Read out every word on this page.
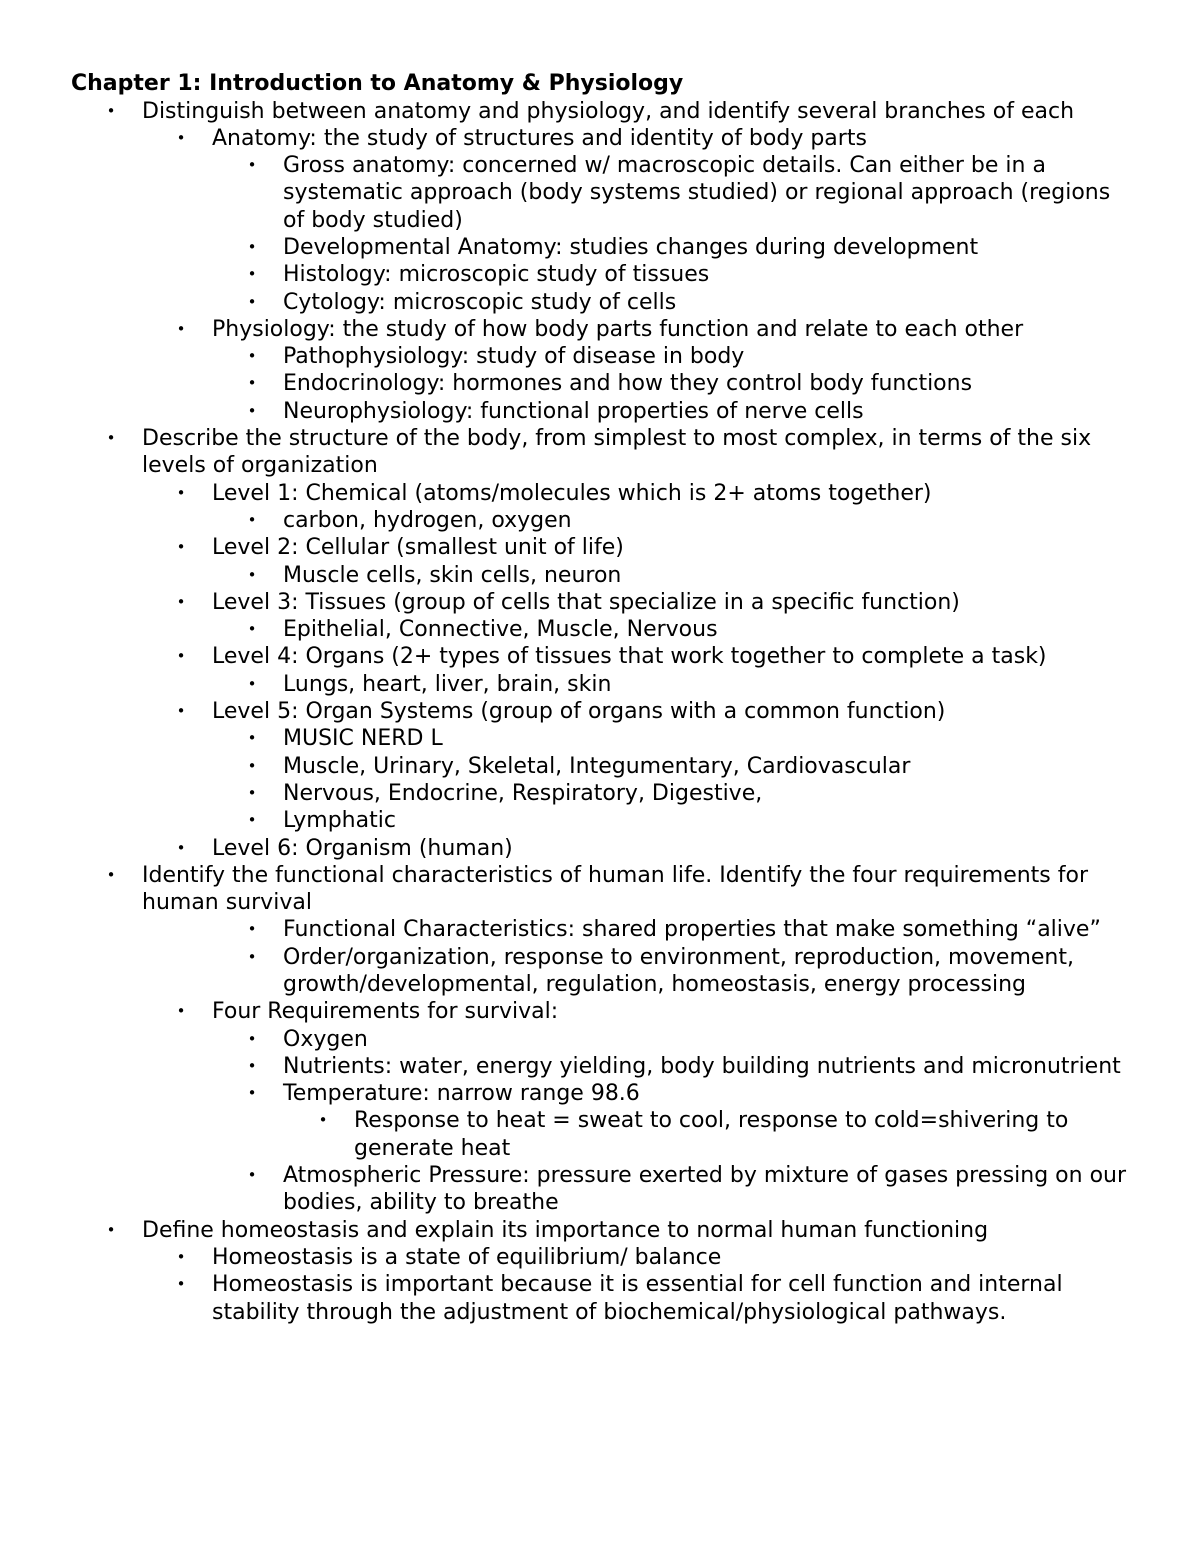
Chapter 1: Introduction to Anatomy & Physiology
• Distinguish between anatomy and physiology, and identify several branches of each
• Anatomy: the study of structures and identity of body parts
• Gross anatomy: concerned w/ macroscopic details. Can either be in a systematic approach (body systems studied) or regional approach (regions of body studied)
• Developmental Anatomy: studies changes during development
• Histology: microscopic study of tissues
• Cytology: microscopic study of cells
• Physiology: the study of how body parts function and relate to each other
• Pathophysiology: study of disease in body
• Endocrinology: hormones and how they control body functions
• Neurophysiology: functional properties of nerve cells
• Describe the structure of the body, from simplest to most complex, in terms of the six levels of organization
• Level 1: Chemical (atoms/molecules which is 2+ atoms together)
• carbon, hydrogen, oxygen
• Level 2: Cellular (smallest unit of life)
• Muscle cells, skin cells, neuron
• Level 3: Tissues (group of cells that specialize in a specific function)
• Epithelial, Connective, Muscle, Nervous
• Level 4: Organs (2+ types of tissues that work together to complete a task)
• Lungs, heart, liver, brain, skin
• Level 5: Organ Systems (group of organs with a common function)
• MUSIC NERD L
• Muscle, Urinary, Skeletal, Integumentary, Cardiovascular
• Nervous, Endocrine, Respiratory, Digestive,
• Lymphatic
• Level 6: Organism (human)
• Identify the functional characteristics of human life. Identify the four requirements for human survival
• Functional Characteristics: shared properties that make something “alive”
• Order/organization, response to environment, reproduction, movement, growth/developmental, regulation, homeostasis, energy processing
• Four Requirements for survival:
• Oxygen
• Nutrients: water, energy yielding, body building nutrients and micronutrient
• Temperature: narrow range 98.6
• Response to heat = sweat to cool, response to cold=shivering to generate heat
• Atmospheric Pressure: pressure exerted by mixture of gases pressing on our bodies, ability to breathe
• Define homeostasis and explain its importance to normal human functioning
• Homeostasis is a state of equilibrium/ balance
• Homeostasis is important because it is essential for cell function and internal stability through the adjustment of biochemical/physiological pathways.
